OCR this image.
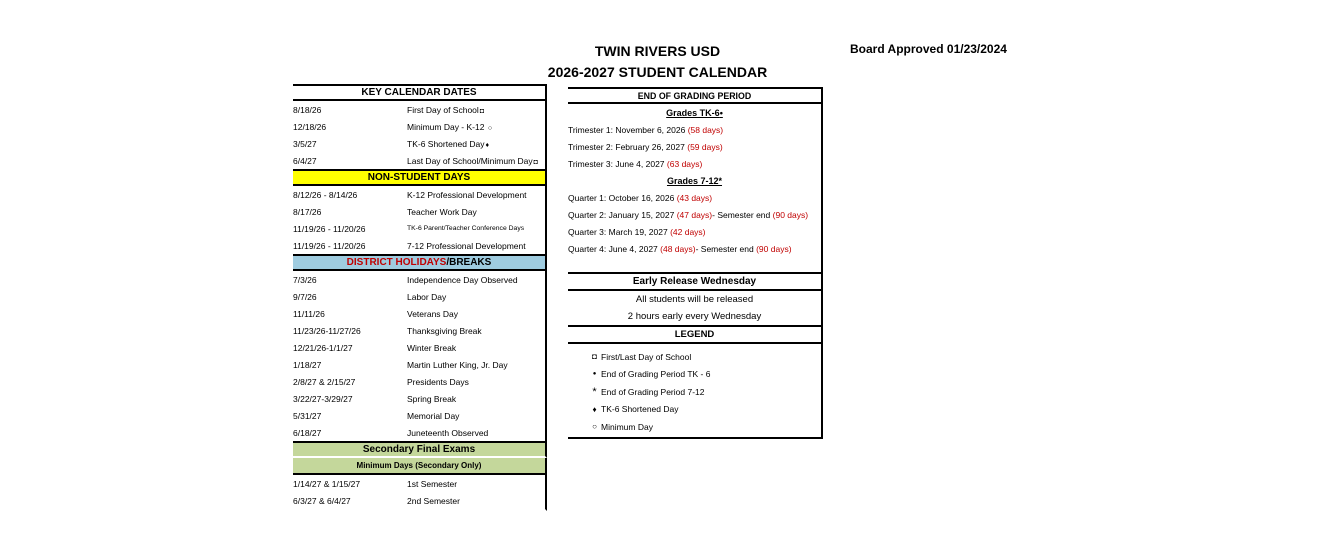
TWIN RIVERS USD
2026-2027 STUDENT CALENDAR
Board Approved 01/23/2024
KEY CALENDAR DATES
8/18/26	First Day of School◘
12/18/26	Minimum Day - K-12 ○
3/5/27	TK-6 Shortened Day♦
6/4/27	Last Day of School/Minimum Day◘
NON-STUDENT DAYS
8/12/26 - 8/14/26	K-12 Professional Development
8/17/26	Teacher Work Day
11/19/26 - 11/20/26	TK-6 Parent/Teacher Conference Days
11/19/26 - 11/20/26	7-12 Professional Development
DISTRICT HOLIDAYS /BREAKS
7/3/26	Independence Day Observed
9/7/26	Labor Day
11/11/26	Veterans Day
11/23/26-11/27/26	Thanksgiving Break
12/21/26-1/1/27	Winter Break
1/18/27	Martin Luther King, Jr. Day
2/8/27 & 2/15/27	Presidents Days
3/22/27-3/29/27	Spring Break
5/31/27	Memorial Day
6/18/27	Juneteenth Observed
Secondary Final Exams
Minimum Days (Secondary Only)
1/14/27 & 1/15/27	1st Semester
6/3/27 & 6/4/27	2nd Semester
END OF GRADING PERIOD
Grades TK-6 •
Trimester 1: November 6, 2026
(58 days)
Trimester 2: February 26, 2027
(59 days)
Trimester 3: June 4, 2027
(63 days)
Grades 7-12 *
Quarter 1: October 16, 2026
(43 days)
Quarter 2: January 15, 2027
(47 days) - Semester end
(90 days)
Quarter 3: March 19, 2027
(42 days)
Quarter 4: June 4, 2027
(48 days) - Semester end
(90 days)
Early Release Wednesday
All students will be released
2 hours early every Wednesday
LEGEND
◘ First/Last Day of School
● End of Grading Period TK - 6
* End of Grading Period 7-12
♦ TK-6 Shortened Day
○ Minimum Day
